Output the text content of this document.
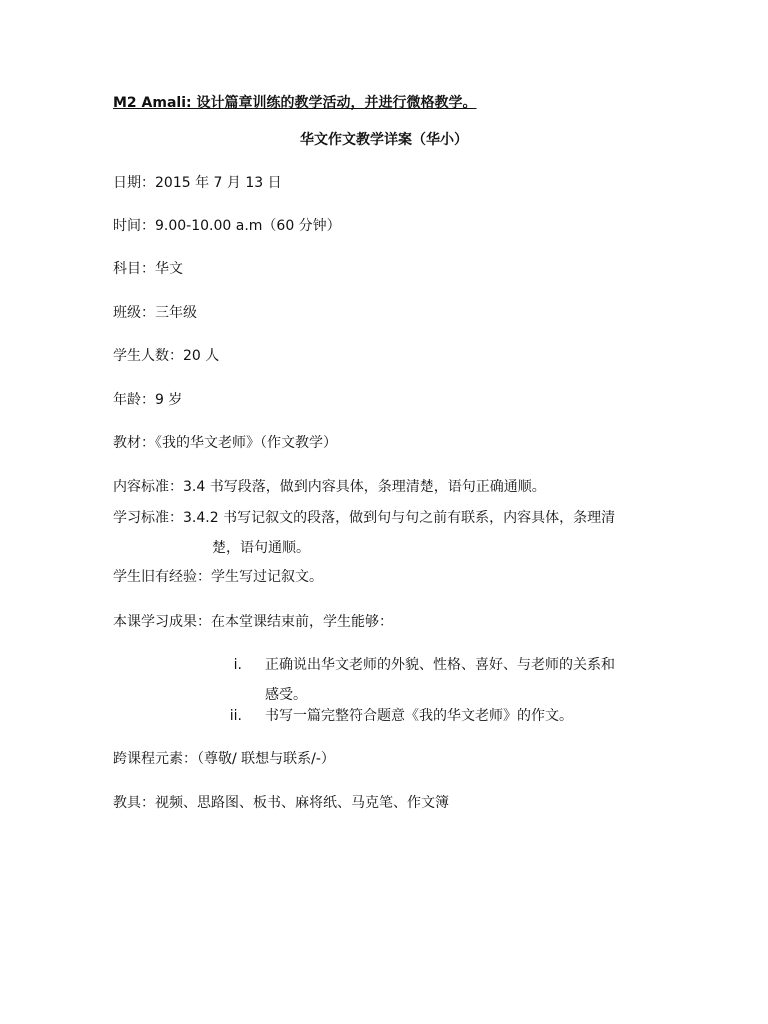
M2 Amali: 设计篇章训练的教学活动，并进行微格教学。
华文作文教学详案（华小）
日期：2015 年 7 月 13 日
时间：9.00-10.00 a.m（60 分钟）
科目：华文
班级：三年级
学生人数：20 人
年龄：9 岁
教材：《我的华文老师》（作文教学）
内容标准：3.4 书写段落，做到内容具体，条理清楚，语句正确通顺。
学习标准：3.4.2 书写记叙文的段落，做到句与句之前有联系，内容具体，条理清
楚，语句通顺。
学生旧有经验：学生写过记叙文。
本课学习成果：在本堂课结束前，学生能够：
i. 正确说出华文老师的外貌、性格、喜好、与老师的关系和
感受。
ii. 书写一篇完整符合题意《我的华文老师》的作文。
跨课程元素：（尊敬/ 联想与联系/-）
教具：视频、思路图、板书、麻将纸、马克笔、作文簿
